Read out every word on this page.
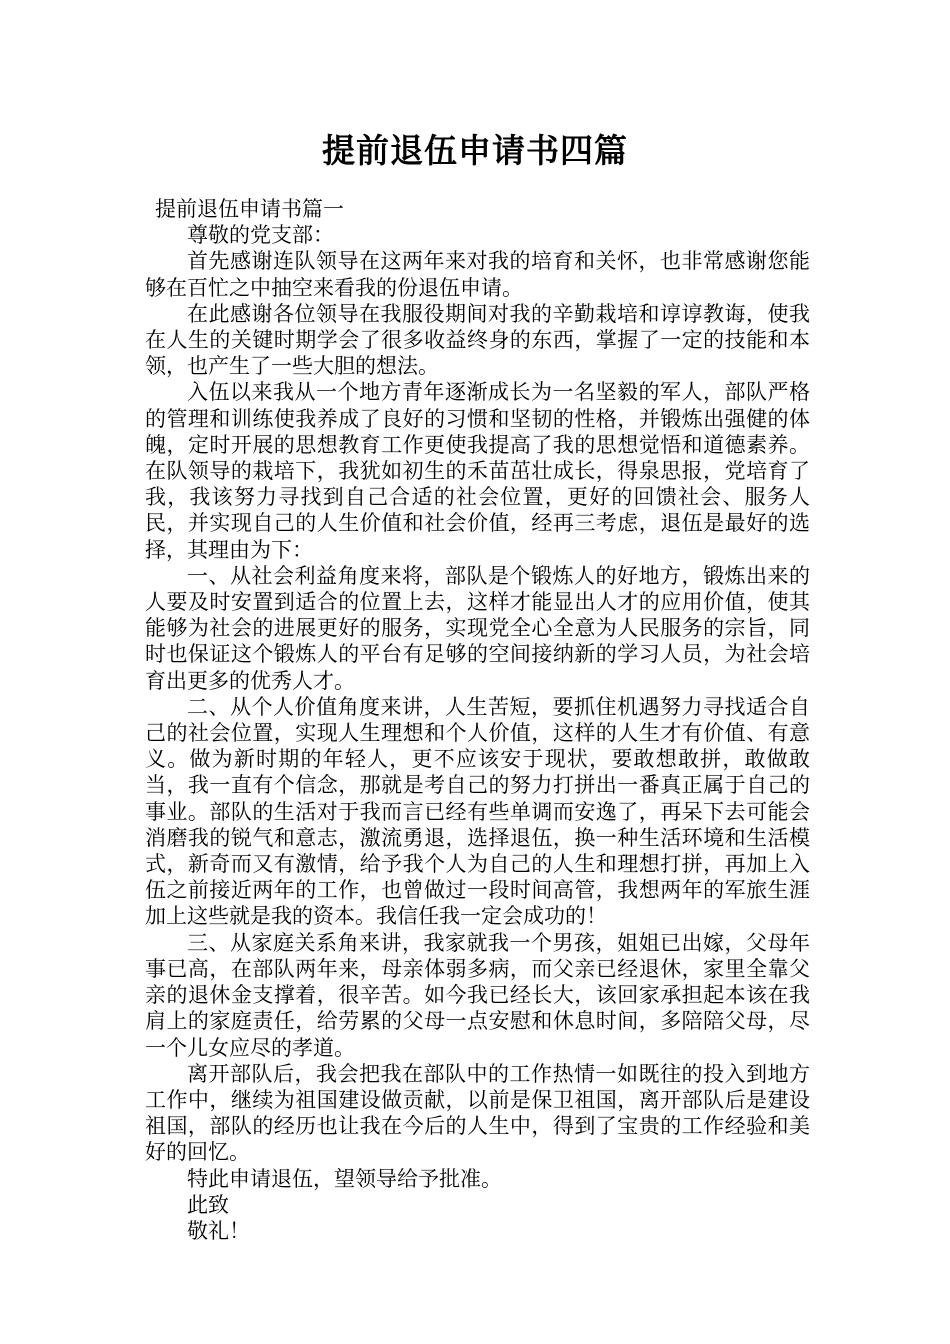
提前退伍申请书四篇

提前退伍申请书篇一

尊敬的党支部：

首先感谢连队领导在这两年来对我的培育和关怀，也非常感谢您能够在百忙之中抽空来看我的份退伍申请。

在此感谢各位领导在我服役期间对我的辛勤栽培和谆谆教诲，使我在人生的关键时期学会了很多收益终身的东西，掌握了一定的技能和本领，也产生了一些大胆的想法。

入伍以来我从一个地方青年逐渐成长为一名坚毅的军人，部队严格的管理和训练使我养成了良好的习惯和坚韧的性格，并锻炼出强健的体魄，定时开展的思想教育工作更使我提高了我的思想觉悟和道德素养。在队领导的栽培下，我犹如初生的禾苗茁壮成长，得泉思报，党培育了我，我该努力寻找到自己合适的社会位置，更好的回馈社会、服务人民，并实现自己的人生价值和社会价值，经再三考虑，退伍是最好的选择，其理由为下：

一、从社会利益角度来将，部队是个锻炼人的好地方，锻炼出来的人要及时安置到适合的位置上去，这样才能显出人才的应用价值，使其能够为社会的进展更好的服务，实现党全心全意为人民服务的宗旨，同时也保证这个锻炼人的平台有足够的空间接纳新的学习人员，为社会培育出更多的优秀人才。

二、从个人价值角度来讲，人生苦短，要抓住机遇努力寻找适合自己的社会位置，实现人生理想和个人价值，这样的人生才有价值、有意义。做为新时期的年轻人，更不应该安于现状，要敢想敢拼，敢做敢当，我一直有个信念，那就是考自己的努力打拼出一番真正属于自己的事业。部队的生活对于我而言已经有些单调而安逸了，再呆下去可能会消磨我的锐气和意志，激流勇退，选择退伍，换一种生活环境和生活模式，新奇而又有激情，给予我个人为自己的人生和理想打拼，再加上入伍之前接近两年的工作，也曾做过一段时间高管，我想两年的军旅生涯加上这些就是我的资本。我信任我一定会成功的！

三、从家庭关系角来讲，我家就我一个男孩，姐姐已出嫁，父母年事已高，在部队两年来，母亲体弱多病，而父亲已经退休，家里全靠父亲的退休金支撑着，很辛苦。如今我已经长大，该回家承担起本该在我肩上的家庭责任，给劳累的父母一点安慰和休息时间，多陪陪父母，尽一个儿女应尽的孝道。

离开部队后，我会把我在部队中的工作热情一如既往的投入到地方工作中，继续为祖国建设做贡献，以前是保卫祖国，离开部队后是建设祖国，部队的经历也让我在今后的人生中，得到了宝贵的工作经验和美好的回忆。

特此申请退伍，望领导给予批准。

此致

敬礼！
